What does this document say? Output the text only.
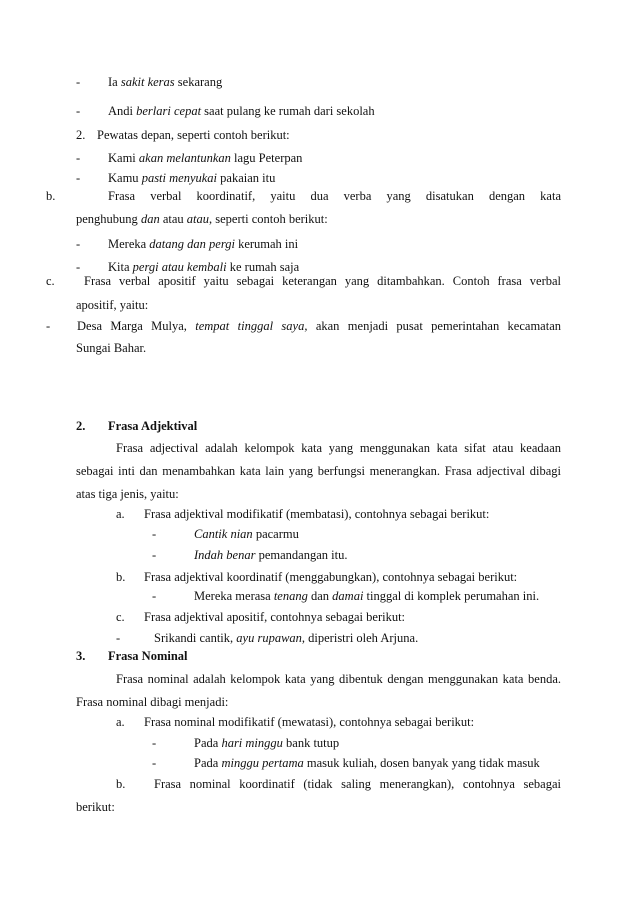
- Ia sakit keras sekarang
- Andi berlari cepat saat pulang ke rumah dari sekolah
2. Pewatas depan, seperti contoh berikut:
- Kami akan melantunkan lagu Peterpan
- Kamu pasti menyukai pakaian itu
b.	Frasa verbal koordinatif, yaitu dua verba yang disatukan dengan kata
penghubung dan atau atau, seperti contoh berikut:
- Mereka datang dan pergi kerumah ini
- Kita pergi atau kembali ke rumah saja
c. Frasa verbal apositif yaitu sebagai keterangan yang ditambahkan. Contoh frasa verbal
apositif, yaitu:
- Desa Marga Mulya, tempat tinggal saya, akan menjadi pusat pemerintahan kecamatan
Sungai Bahar.
2. Frasa Adjektival
Frasa adjectival adalah kelompok kata yang menggunakan kata sifat atau keadaan
sebagai inti dan menambahkan kata lain yang berfungsi menerangkan. Frasa adjectival dibagi
atas tiga jenis, yaitu:
a. Frasa adjektival modifikatif (membatasi), contohnya sebagai berikut:
-	Cantik nian pacarmu
-	Indah benar pemandangan itu.
b. Frasa adjektival koordinatif (menggabungkan), contohnya sebagai berikut:
-	Mereka merasa tenang dan damai tinggal di komplek perumahan ini.
c. Frasa adjektival apositif, contohnya sebagai berikut:
-	Srikandi cantik, ayu rupawan, diperistri oleh Arjuna.
3. Frasa Nominal
Frasa nominal adalah kelompok kata yang dibentuk dengan menggunakan kata benda.
Frasa nominal dibagi menjadi:
a. Frasa nominal modifikatif (mewatasi), contohnya sebagai berikut:
-	Pada hari minggu bank tutup
-	Pada minggu pertama masuk kuliah, dosen banyak yang tidak masuk
b. Frasa nominal koordinatif (tidak saling menerangkan), contohnya sebagai
berikut:
